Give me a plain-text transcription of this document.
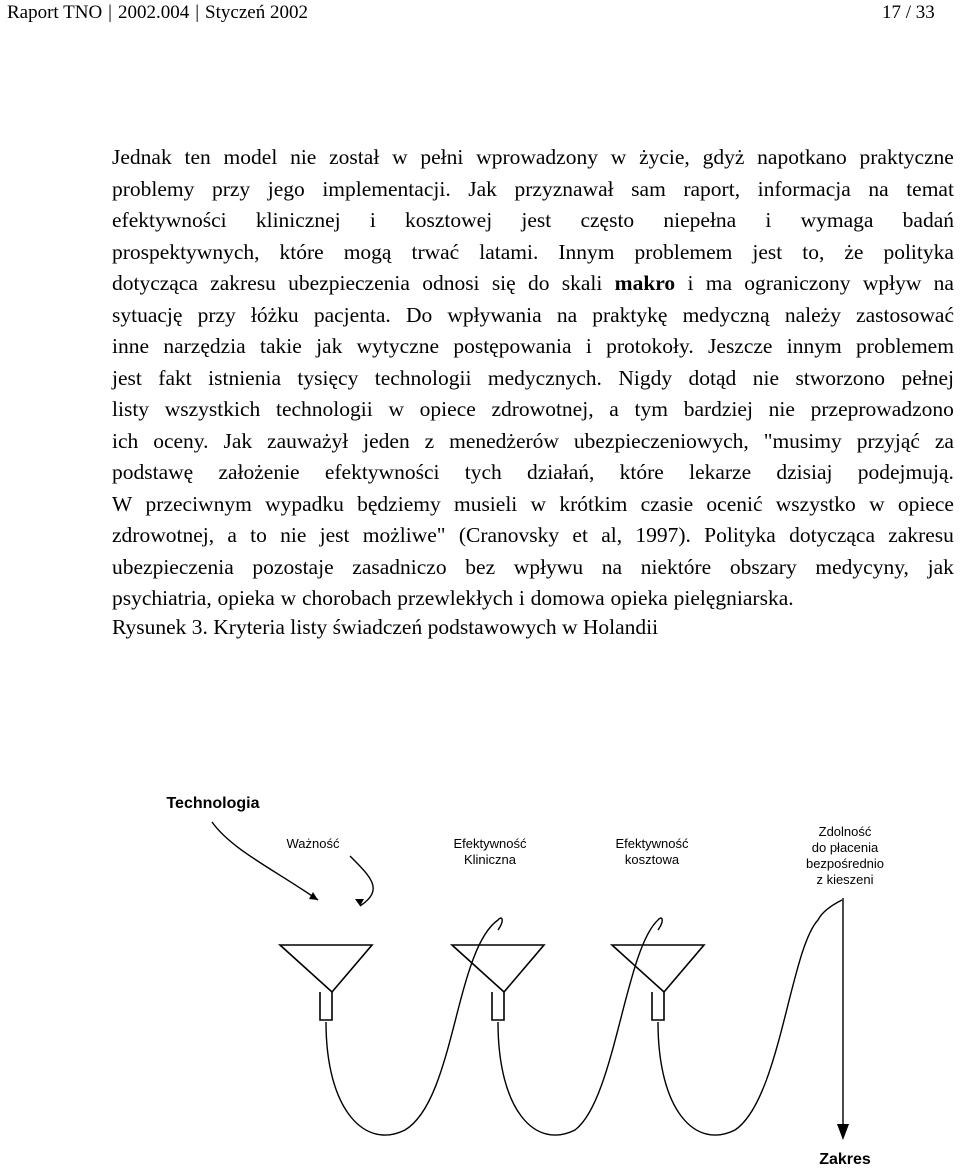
Raport TNO | 2002.004 | Styczeń 2002	17 / 33
Jednak ten model nie został w pełni wprowadzony w życie, gdyż napotkano praktyczne
problemy przy jego implementacji. Jak przyznawał sam raport, informacja na temat
efektywności klinicznej i kosztowej jest często niepełna i wymaga badań
prospektywnych, które mogą trwać latami. Innym problemem jest to, że polityka
dotycząca zakresu ubezpieczenia odnosi się do skali makro i ma ograniczony wpływ na
sytuację przy łóżku pacjenta. Do wpływania na praktykę medyczną należy zastosować
inne narzędzia takie jak wytyczne postępowania i protokoły. Jeszcze innym problemem
jest fakt istnienia tysięcy technologii medycznych. Nigdy dotąd nie stworzono pełnej
listy wszystkich technologii w opiece zdrowotnej, a tym bardziej nie przeprowadzono
ich oceny. Jak zauważył jeden z menedżerów ubezpieczeniowych, "musimy przyjąć za
podstawę założenie efektywności tych działań, które lekarze dzisiaj podejmują.
W przeciwnym wypadku będziemy musieli w krótkim czasie ocenić wszystko w opiece
zdrowotnej, a to nie jest możliwe" (Cranovsky et al, 1997). Polityka dotycząca zakresu
ubezpieczenia pozostaje zasadniczo bez wpływu na niektóre obszary medycyny, jak
psychiatria, opieka w chorobach przewlekłych i domowa opieka pielęgniarska.
Rysunek 3. Kryteria listy świadczeń podstawowych w Holandii
Technologia
Ważność	Efektywność
Kliniczna
Efektywność
kosztowa
Zdolność
do płacenia
bezpośrednio
z kieszeni
Zakres
